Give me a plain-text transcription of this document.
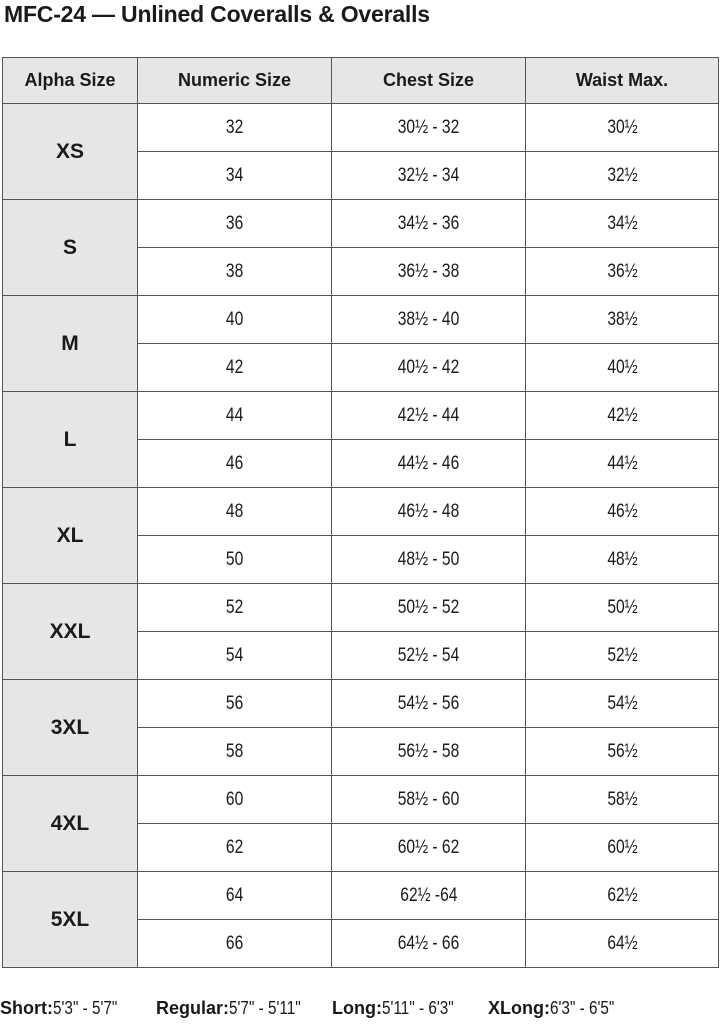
MFC-24 — Unlined Coveralls & Overalls
Alpha Size	Numeric Size	Chest Size	Waist Max.
XS	32	30½ - 32	30½
	34	32½ - 34	32½
S	36	34½ - 36	34½
	38	36½ - 38	36½
M	40	38½ - 40	38½
	42	40½ - 42	40½
L	44	42½ - 44	42½
	46	44½ - 46	44½
XL	48	46½ - 48	46½
	50	48½ - 50	48½
XXL	52	50½ - 52	50½
	54	52½ - 54	52½
3XL	56	54½ - 56	54½
	58	56½ - 58	56½
4XL	60	58½ - 60	58½
	62	60½ - 62	60½
5XL	64	62½ -64	62½
	66	64½ - 66	64½
Short:5'3" - 5'7"	Regular:5'7" - 5'11"	Long:5'11" - 6'3"	XLong:6'3" - 6'5"
